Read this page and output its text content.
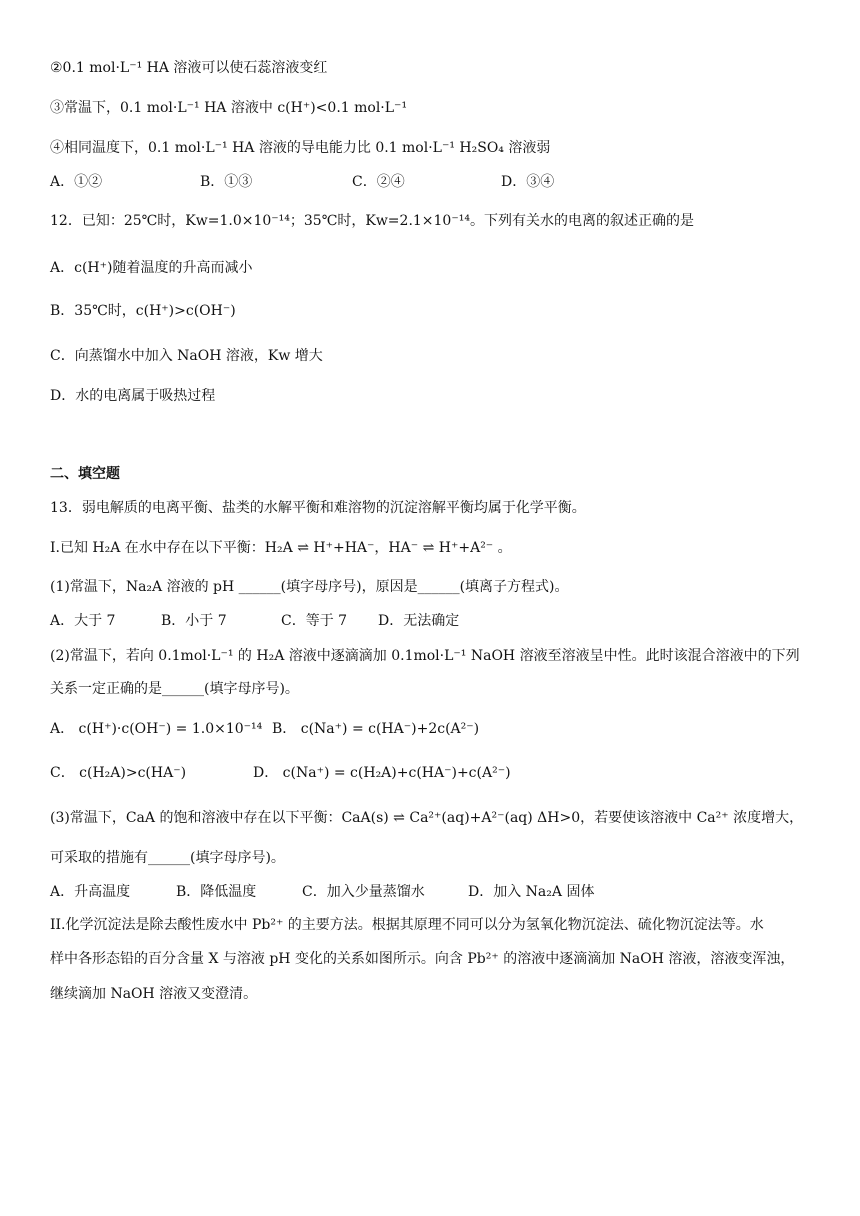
②0.1 mol·L⁻¹ HA 溶液可以使石蕊溶液变红
③常温下，0.1 mol·L⁻¹ HA 溶液中 c(H⁺)<0.1 mol·L⁻¹
④相同温度下，0.1 mol·L⁻¹ HA 溶液的导电能力比 0.1 mol·L⁻¹ H₂SO₄ 溶液弱
A．①②	B．①③	C．②④	D．③④
12．已知：25℃时，Kw=1.0×10⁻¹⁴；35℃时，Kw=2.1×10⁻¹⁴。下列有关水的电离的叙述正确的是
A．c(H⁺)随着温度的升高而减小
B．35℃时，c(H⁺)>c(OH⁻)
C．向蒸馏水中加入 NaOH 溶液，Kw 增大
D．水的电离属于吸热过程
二、填空题
13．弱电解质的电离平衡、盐类的水解平衡和难溶物的沉淀溶解平衡均属于化学平衡。
I.已知 H₂A 在水中存在以下平衡：H₂A ⇌ H⁺+HA⁻，HA⁻ ⇌ H⁺+A²⁻ 。
(1)常温下，Na₂A 溶液的 pH ______(填字母序号)，原因是______(填离子方程式)。
A．大于 7	B．小于 7	C．等于 7 D．无法确定
(2)常温下，若向 0.1mol·L⁻¹ 的 H₂A 溶液中逐滴滴加 0.1mol·L⁻¹ NaOH 溶液至溶液呈中性。此时该混合溶液中的下列
关系一定正确的是______(填字母序号)。
A． c(H⁺)·c(OH⁻) = 1.0×10⁻¹⁴ B． c(Na⁺) = c(HA⁻)+2c(A²⁻)
C． c(H₂A)>c(HA⁻)	D． c(Na⁺) = c(H₂A)+c(HA⁻)+c(A²⁻)
(3)常温下，CaA 的饱和溶液中存在以下平衡：CaA(s) ⇌ Ca²⁺(aq)+A²⁻(aq) ΔH>0，若要使该溶液中 Ca²⁺ 浓度增大，
可采取的措施有______(填字母序号)。
A．升高温度	B．降低温度	C．加入少量蒸馏水	D．加入 Na₂A 固体
II.化学沉淀法是除去酸性废水中 Pb²⁺ 的主要方法。根据其原理不同可以分为氢氧化物沉淀法、硫化物沉淀法等。水
样中各形态铅的百分含量 X 与溶液 pH 变化的关系如图所示。向含 Pb²⁺ 的溶液中逐滴滴加 NaOH 溶液，溶液变浑浊，
继续滴加 NaOH 溶液又变澄清。
